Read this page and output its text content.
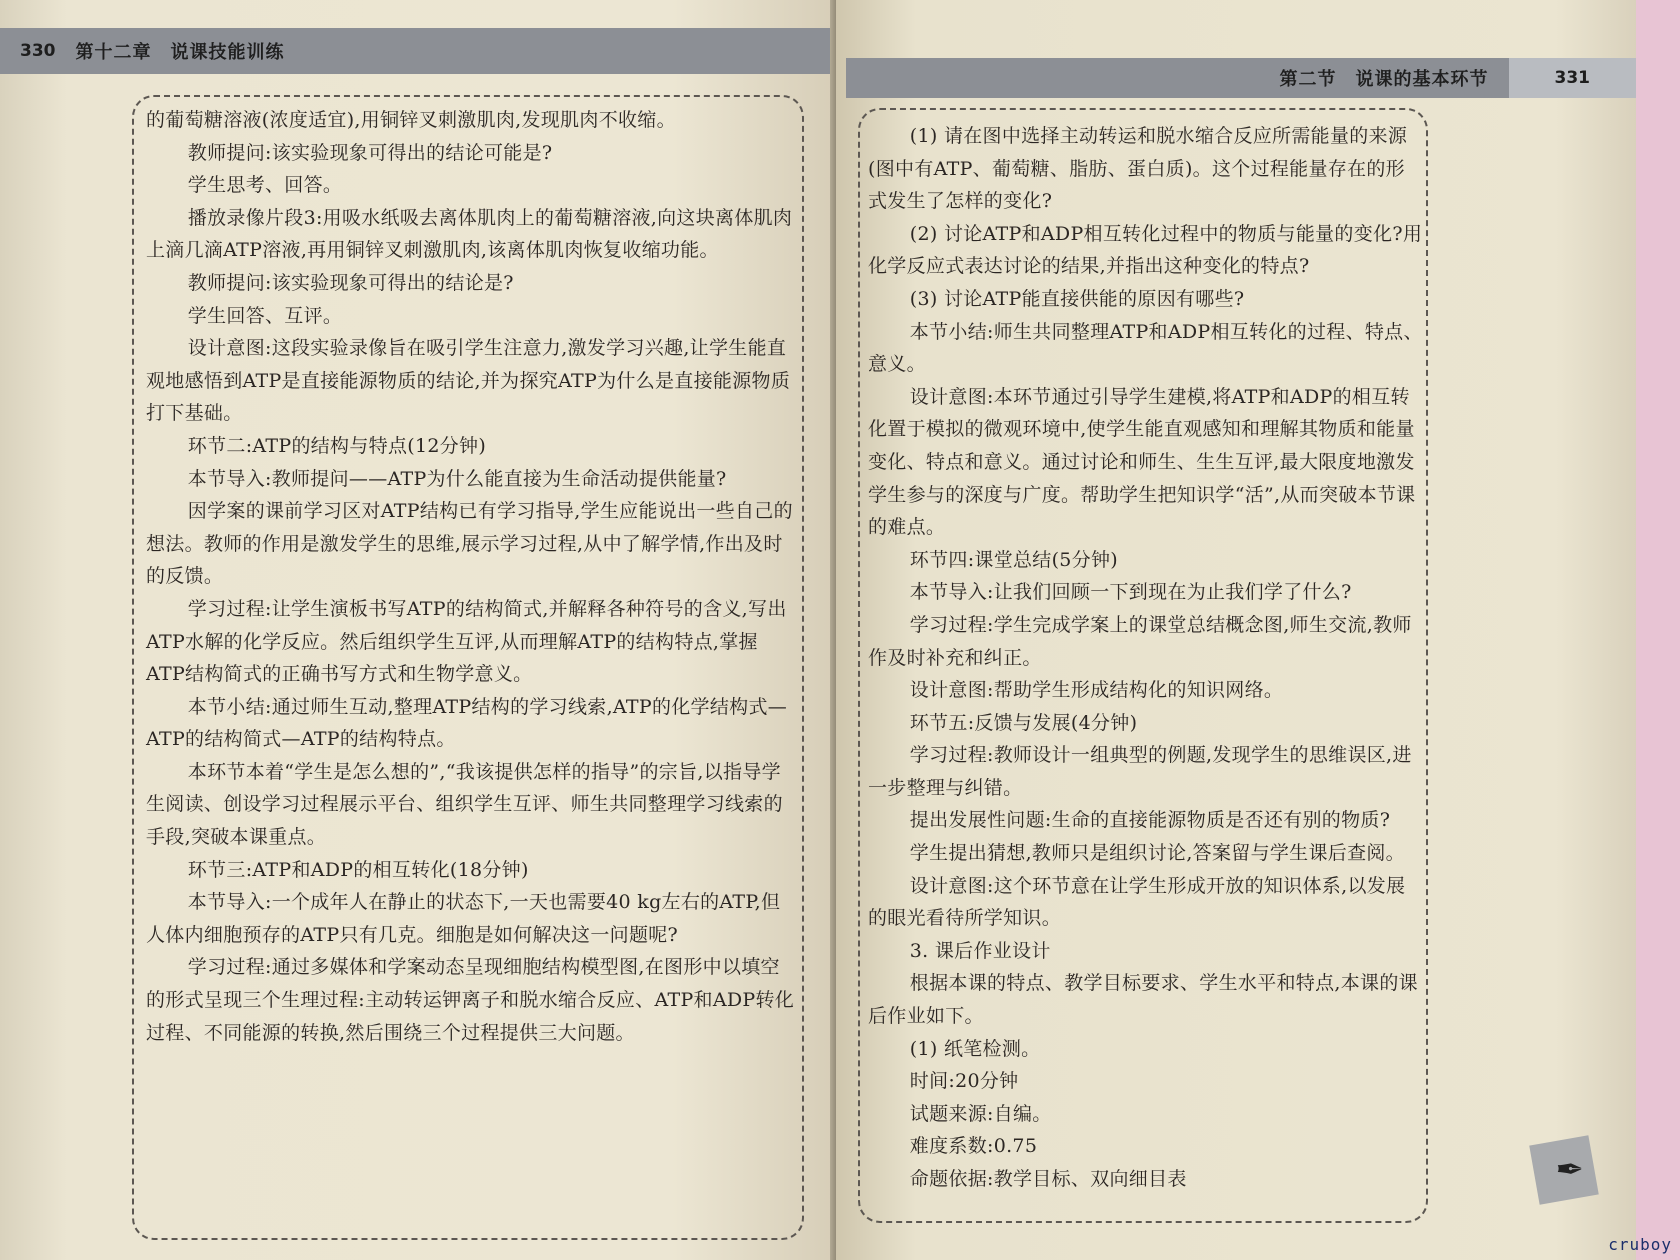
330	第十二章　说课技能训练

的葡萄糖溶液(浓度适宜),用铜锌叉刺激肌肉,发现肌肉不收缩。

教师提问:该实验现象可得出的结论可能是?

学生思考、回答。

播放录像片段3:用吸水纸吸去离体肌肉上的葡萄糖溶液,向这块离体肌肉上滴几滴ATP溶液,再用铜锌叉刺激肌肉,该离体肌肉恢复收缩功能。

教师提问:该实验现象可得出的结论是?

学生回答、互评。

设计意图:这段实验录像旨在吸引学生注意力,激发学习兴趣,让学生能直观地感悟到ATP是直接能源物质的结论,并为探究ATP为什么是直接能源物质打下基础。

环节二:ATP的结构与特点(12分钟)

本节导入:教师提问——ATP为什么能直接为生命活动提供能量?

因学案的课前学习区对ATP结构已有学习指导,学生应能说出一些自己的想法。教师的作用是激发学生的思维,展示学习过程,从中了解学情,作出及时的反馈。

学习过程:让学生演板书写ATP的结构简式,并解释各种符号的含义,写出ATP水解的化学反应。然后组织学生互评,从而理解ATP的结构特点,掌握ATP结构简式的正确书写方式和生物学意义。

本节小结:通过师生互动,整理ATP结构的学习线索,ATP的化学结构式—ATP的结构简式—ATP的结构特点。

本环节本着“学生是怎么想的”,“我该提供怎样的指导”的宗旨,以指导学生阅读、创设学习过程展示平台、组织学生互评、师生共同整理学习线索的手段,突破本课重点。

环节三:ATP和ADP的相互转化(18分钟)

本节导入:一个成年人在静止的状态下,一天也需要40 kg左右的ATP,但人体内细胞预存的ATP只有几克。细胞是如何解决这一问题呢?

学习过程:通过多媒体和学案动态呈现细胞结构模型图,在图形中以填空的形式呈现三个生理过程:主动转运钾离子和脱水缩合反应、ATP和ADP转化过程、不同能源的转换,然后围绕三个过程提供三大问题。

第二节　说课的基本环节	331

(1) 请在图中选择主动转运和脱水缩合反应所需能量的来源(图中有ATP、葡萄糖、脂肪、蛋白质)。这个过程能量存在的形式发生了怎样的变化?

(2) 讨论ATP和ADP相互转化过程中的物质与能量的变化?用化学反应式表达讨论的结果,并指出这种变化的特点?

(3) 讨论ATP能直接供能的原因有哪些?

本节小结:师生共同整理ATP和ADP相互转化的过程、特点、意义。

设计意图:本环节通过引导学生建模,将ATP和ADP的相互转化置于模拟的微观环境中,使学生能直观感知和理解其物质和能量变化、特点和意义。通过讨论和师生、生生互评,最大限度地激发学生参与的深度与广度。帮助学生把知识学“活”,从而突破本节课的难点。

环节四:课堂总结(5分钟)

本节导入:让我们回顾一下到现在为止我们学了什么?

学习过程:学生完成学案上的课堂总结概念图,师生交流,教师作及时补充和纠正。

设计意图:帮助学生形成结构化的知识网络。

环节五:反馈与发展(4分钟)

学习过程:教师设计一组典型的例题,发现学生的思维误区,进一步整理与纠错。

提出发展性问题:生命的直接能源物质是否还有别的物质?

学生提出猜想,教师只是组织讨论,答案留与学生课后查阅。

设计意图:这个环节意在让学生形成开放的知识体系,以发展的眼光看待所学知识。

3. 课后作业设计

根据本课的特点、教学目标要求、学生水平和特点,本课的课后作业如下。

(1) 纸笔检测。

时间:20分钟

试题来源:自编。

难度系数:0.75

命题依据:教学目标、双向细目表	✒
cruboy
